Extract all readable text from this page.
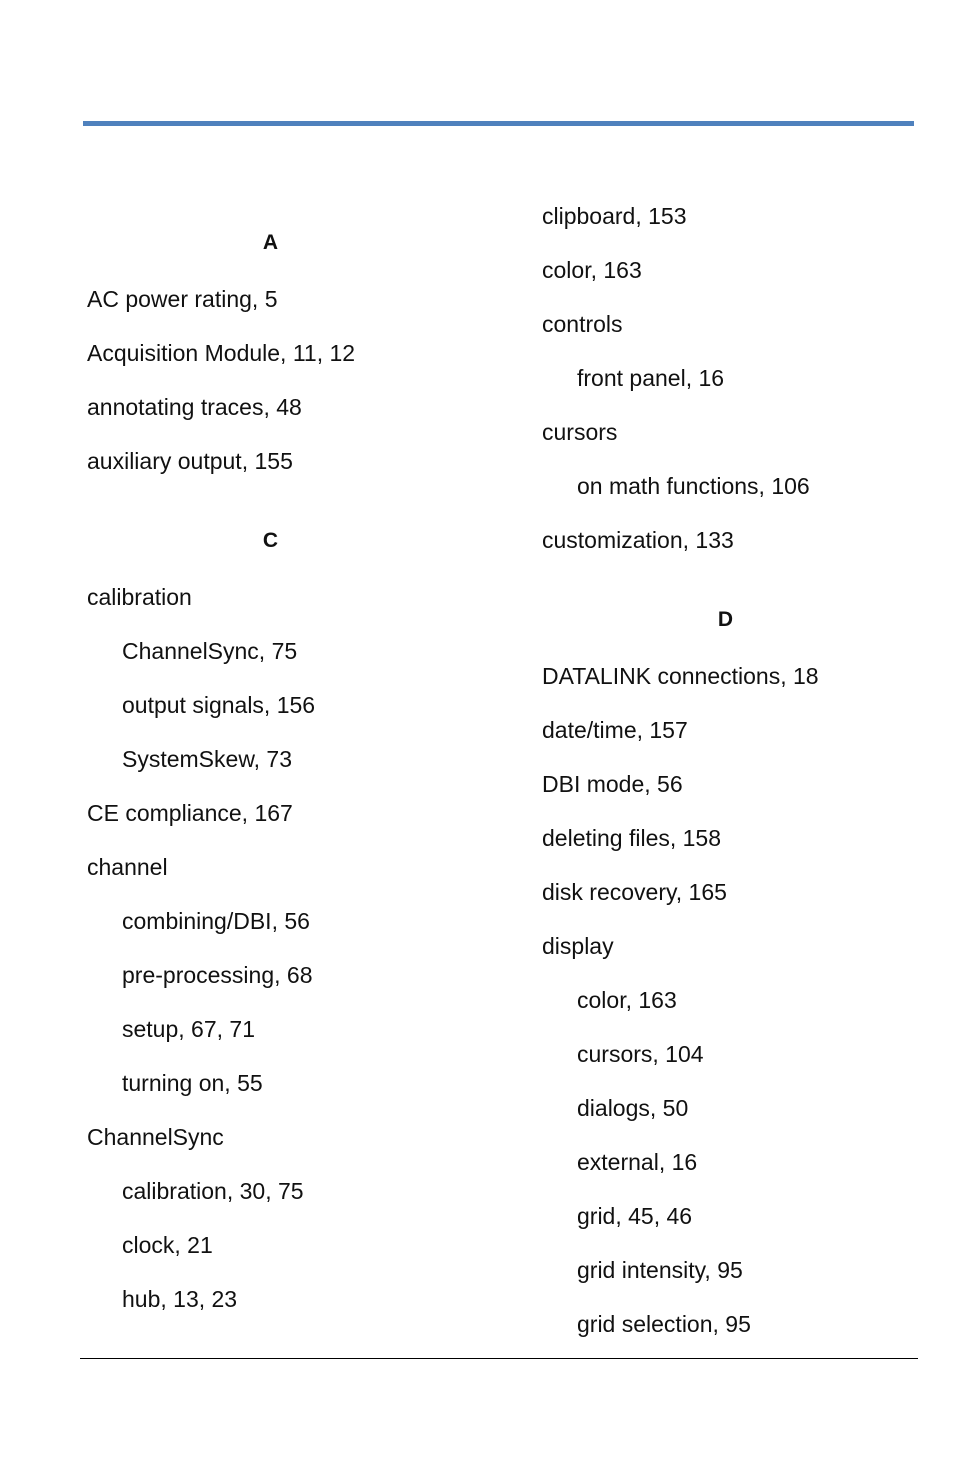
A
AC power rating, 5
Acquisition Module, 11, 12
annotating traces, 48
auxiliary output, 155
C
calibration
ChannelSync, 75
output signals, 156
SystemSkew, 73
CE compliance, 167
channel
combining/DBI, 56
pre-processing, 68
setup, 67, 71
turning on, 55
ChannelSync
calibration, 30, 75
clock, 21
hub, 13, 23
clipboard, 153
color, 163
controls
front panel, 16
cursors
on math functions, 106
customization, 133
D
DATALINK connections, 18
date/time, 157
DBI mode, 56
deleting files, 158
disk recovery, 165
display
color, 163
cursors, 104
dialogs, 50
external, 16
grid, 45, 46
grid intensity, 95
grid selection, 95
